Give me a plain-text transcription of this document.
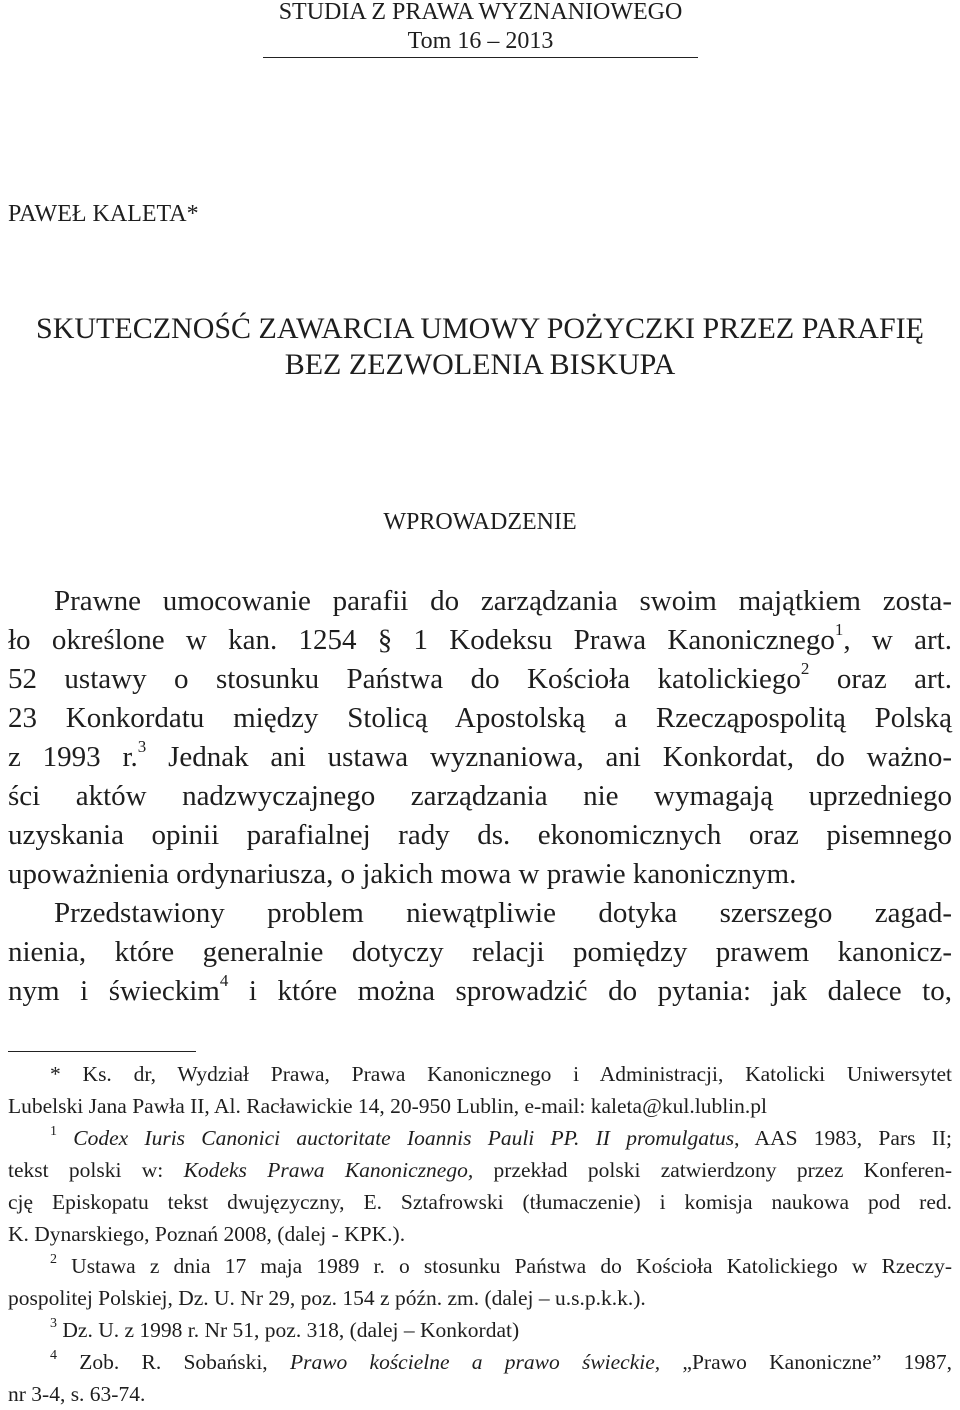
STUDIA Z PRAWA WYZNANIOWEGO
Tom 16 – 2013
PAWEŁ KALETA*
SKUTECZNOŚĆ ZAWARCIA UMOWY POŻYCZKI PRZEZ PARAFIĘ
BEZ ZEZWOLENIA BISKUPA
WPROWADZENIE
Prawne umocowanie parafii do zarządzania swoim majątkiem zosta-
ło określone w kan. 1254 § 1 Kodeksu Prawa Kanonicznego$^1$, w art.
52 ustawy o stosunku Państwa do Kościoła katolickiego$^2$ oraz art.
23 Konkordatu między Stolicą Apostolską a Rzecząpospolitą Polską
z 1993 r.$^3$ Jednak ani ustawa wyznaniowa, ani Konkordat, do ważno-
ści aktów nadzwyczajnego zarządzania nie wymagają uprzedniego
uzyskania opinii parafialnej rady ds. ekonomicznych oraz pisemnego
upoważnienia ordynariusza, o jakich mowa w prawie kanonicznym.
Przedstawiony problem niewątpliwie dotyka szerszego zagad-
nienia, które generalnie dotyczy relacji pomiędzy prawem kanonicz-
nym i świeckim$^4$ i które można sprowadzić do pytania: jak dalece to,
* Ks. dr, Wydział Prawa, Prawa Kanonicznego i Administracji, Katolicki Uniwersytet
Lubelski Jana Pawła II, Al. Racławickie 14, 20-950 Lublin, e-mail: kaleta@kul.lublin.pl
$^1$ Codex Iuris Canonici auctoritate Ioannis Pauli PP. II promulgatus, AAS 1983, Pars II;
tekst polski w: Kodeks Prawa Kanonicznego, przekład polski zatwierdzony przez Konferen-
cję Episkopatu tekst dwujęzyczny, E. Sztafrowski (tłumaczenie) i komisja naukowa pod red.
K. Dynarskiego, Poznań 2008, (dalej - KPK.).
$^2$ Ustawa z dnia 17 maja 1989 r. o stosunku Państwa do Kościoła Katolickiego w Rzeczy-
pospolitej Polskiej, Dz. U. Nr 29, poz. 154 z późn. zm. (dalej – u.s.p.k.k.).
$^3$ Dz. U. z 1998 r. Nr 51, poz. 318, (dalej – Konkordat)
$^4$ Zob. R. Sobański, Prawo kościelne a prawo świeckie, „Prawo Kanoniczne” 1987,
nr 3-4, s. 63-74.
